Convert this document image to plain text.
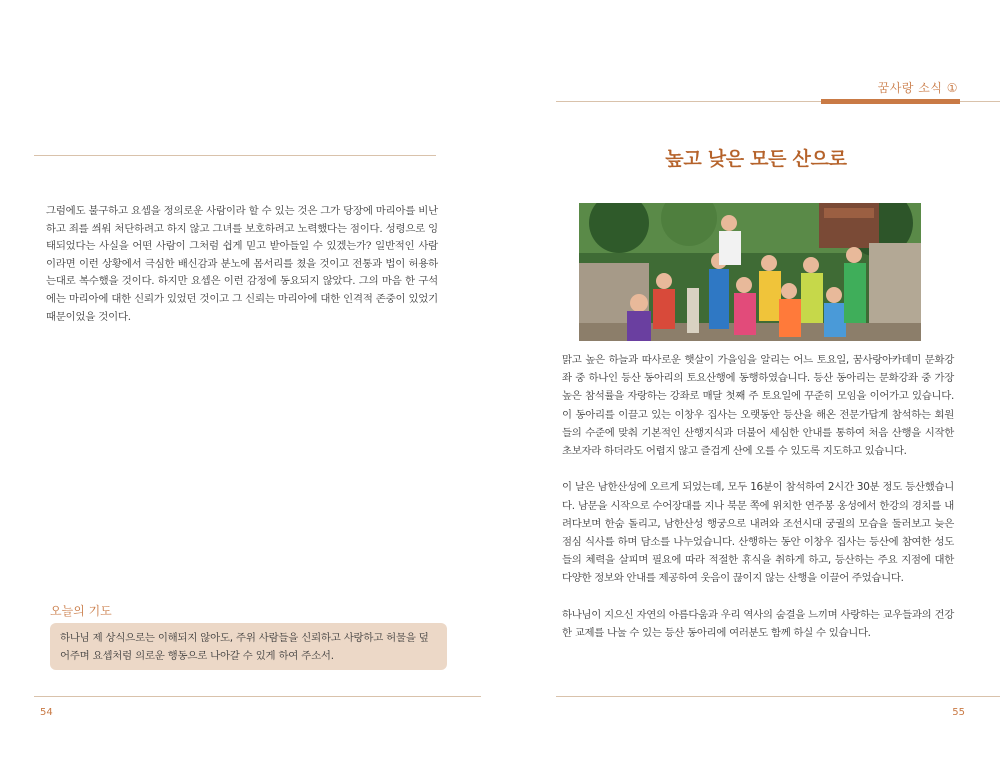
그럼에도 불구하고 요셉을 정의로운 사람이라 할 수 있는 것은 그가 당장에 마리아를 비난하고 죄를 씌워 처단하려고 하지 않고 그녀를 보호하려고 노력했다는 점이다. 성령으로 잉태되었다는 사실을 어떤 사람이 그처럼 쉽게 믿고 받아들일 수 있겠는가? 일반적인 사람이라면 이런 상황에서 극심한 배신감과 분노에 몸서리를 쳤을 것이고 전통과 법이 허용하는대로 복수했을 것이다. 하지만 요셉은 이런 감정에 동요되지 않았다. 그의 마음 한 구석에는 마리아에 대한 신뢰가 있었던 것이고 그 신뢰는 마리아에 대한 인격적 존중이 있었기 때문이었을 것이다.
오늘의 기도
하나님 제 상식으로는 이해되지 않아도, 주위 사람들을 신뢰하고 사랑하고 허물을 덮어주며 요셉처럼 의로운 행동으로 나아갈 수 있게 하여 주소서.
54
꿈사랑 소식 ①
높고 낮은 모든 산으로

맑고 높은 하늘과 따사로운 햇살이 가을임을 알리는 어느 토요일, 꿈사랑아카데미 문화강좌 중 하나인 등산 동아리의 토요산행에 동행하였습니다. 등산 동아리는 문화강좌 중 가장 높은 참석률을 자랑하는 강좌로 매달 첫째 주 토요일에 꾸준히 모임을 이어가고 있습니다. 이 동아리를 이끌고 있는 이창우 집사는 오랫동안 등산을 해온 전문가답게 참석하는 회원들의 수준에 맞춰 기본적인 산행지식과 더불어 세심한 안내를 통하여 처음 산행을 시작한 초보자라 하더라도 어렵지 않고 즐겁게 산에 오를 수 있도록 지도하고 있습니다.

이 날은 남한산성에 오르게 되었는데, 모두 16분이 참석하여 2시간 30분 정도 등산했습니다. 남문을 시작으로 수어장대를 지나 북문 쪽에 위치한 연주봉 옹성에서 한강의 경치를 내려다보며 한숨 돌리고, 남한산성 행궁으로 내려와 조선시대 궁궐의 모습을 둘러보고 늦은 점심 식사를 하며 담소를 나누었습니다. 산행하는 동안 이창우 집사는 등산에 참여한 성도들의 체력을 살피며 필요에 따라 적절한 휴식을 취하게 하고, 등산하는 주요 지점에 대한 다양한 정보와 안내를 제공하여 웃음이 끊이지 않는 산행을 이끌어 주었습니다.

하나님이 지으신 자연의 아름다움과 우리 역사의 숨결을 느끼며 사랑하는 교우들과의 건강한 교제를 나눌 수 있는 등산 동아리에 여러분도 함께 하실 수 있습니다.

55
